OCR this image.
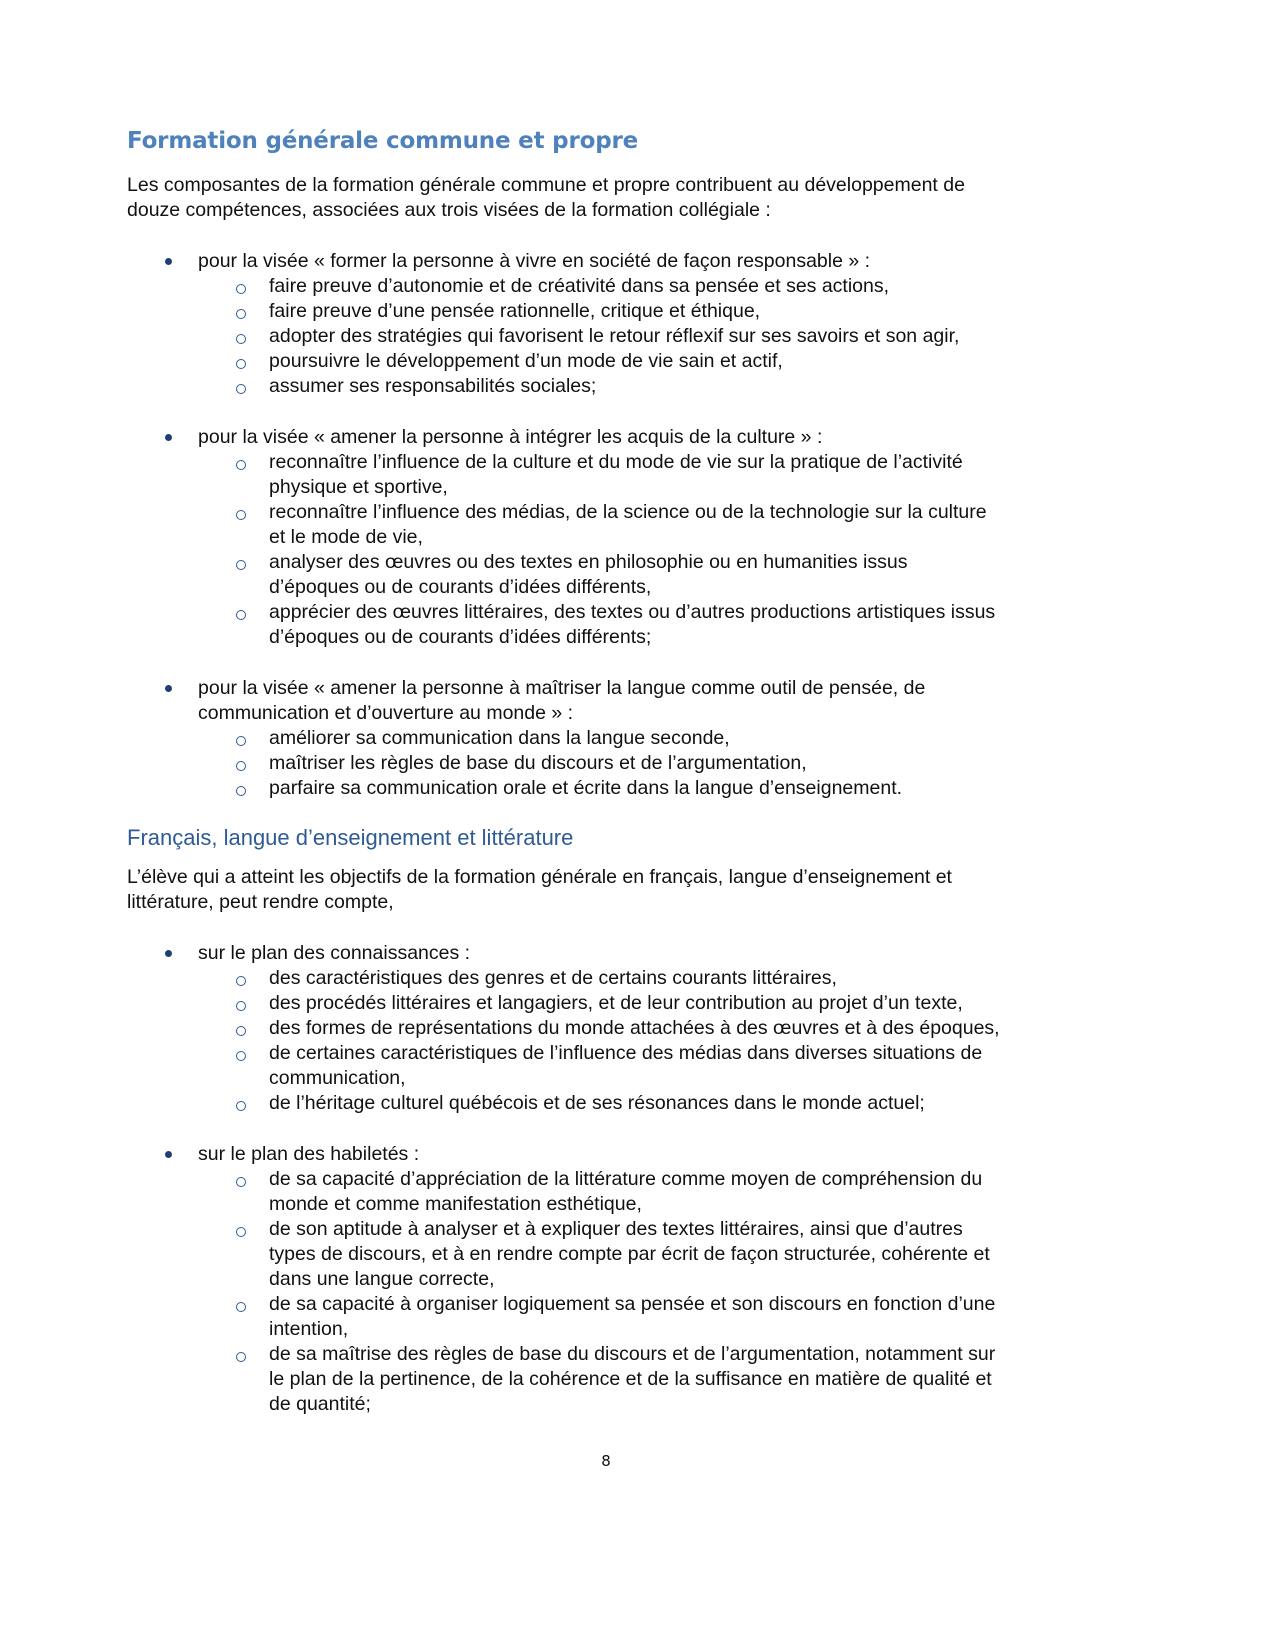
Formation générale commune et propre

Les composantes de la formation générale commune et propre contribuent au développement de
douze compétences, associées aux trois visées de la formation collégiale :

pour la visée « former la personne à vivre en société de façon responsable » :
faire preuve d’autonomie et de créativité dans sa pensée et ses actions,
faire preuve d’une pensée rationnelle, critique et éthique,
adopter des stratégies qui favorisent le retour réflexif sur ses savoirs et son agir,
poursuivre le développement d’un mode de vie sain et actif,
assumer ses responsabilités sociales;
pour la visée « amener la personne à intégrer les acquis de la culture » :
reconnaître l’influence de la culture et du mode de vie sur la pratique de l’activité
physique et sportive,
reconnaître l’influence des médias, de la science ou de la technologie sur la culture
et le mode de vie,
analyser des œuvres ou des textes en philosophie ou en humanities issus
d’époques ou de courants d’idées différents,
apprécier des œuvres littéraires, des textes ou d’autres productions artistiques issus
d’époques ou de courants d’idées différents;
pour la visée « amener la personne à maîtriser la langue comme outil de pensée, de
communication et d’ouverture au monde » :
améliorer sa communication dans la langue seconde,
maîtriser les règles de base du discours et de l’argumentation,
parfaire sa communication orale et écrite dans la langue d’enseignement.
Français, langue d’enseignement et littérature

L’élève qui a atteint les objectifs de la formation générale en français, langue d’enseignement et
littérature, peut rendre compte,

sur le plan des connaissances :
des caractéristiques des genres et de certains courants littéraires,
des procédés littéraires et langagiers, et de leur contribution au projet d’un texte,
des formes de représentations du monde attachées à des œuvres et à des époques,
de certaines caractéristiques de l’influence des médias dans diverses situations de
communication,
de l’héritage culturel québécois et de ses résonances dans le monde actuel;
sur le plan des habiletés :
de sa capacité d’appréciation de la littérature comme moyen de compréhension du
monde et comme manifestation esthétique,
de son aptitude à analyser et à expliquer des textes littéraires, ainsi que d’autres
types de discours, et à en rendre compte par écrit de façon structurée, cohérente et
dans une langue correcte,
de sa capacité à organiser logiquement sa pensée et son discours en fonction d’une
intention,
de sa maîtrise des règles de base du discours et de l’argumentation, notamment sur
le plan de la pertinence, de la cohérence et de la suffisance en matière de qualité et
de quantité;
8
